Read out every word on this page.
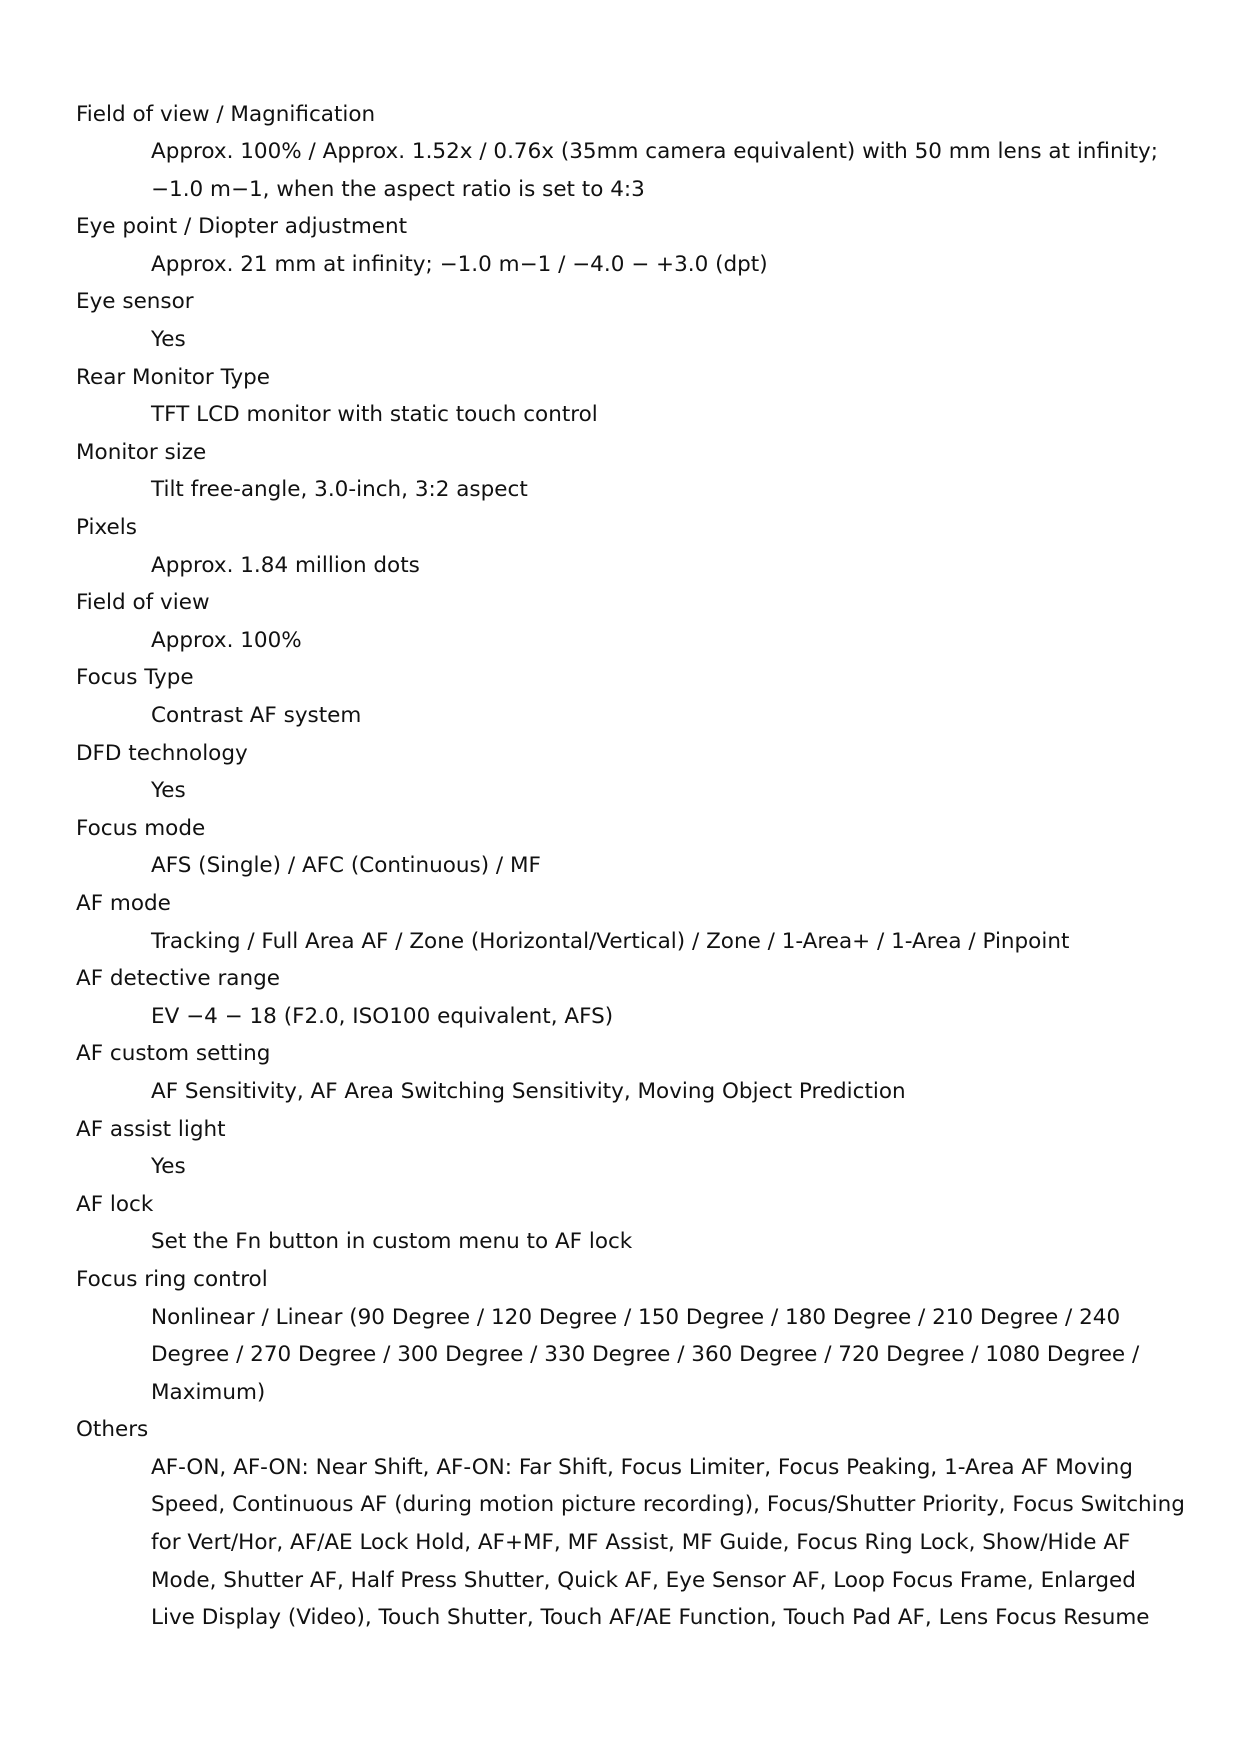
Field of view / Magnification
Approx. 100% / Approx. 1.52x / 0.76x (35mm camera equivalent) with 50 mm lens at infinity; −1.0 m−1, when the aspect ratio is set to 4:3
Eye point / Diopter adjustment
Approx. 21 mm at infinity; −1.0 m−1 / −4.0 − +3.0 (dpt)
Eye sensor
Yes
Rear Monitor Type
TFT LCD monitor with static touch control
Monitor size
Tilt free-angle, 3.0-inch, 3:2 aspect
Pixels
Approx. 1.84 million dots
Field of view
Approx. 100%
Focus Type
Contrast AF system
DFD technology
Yes
Focus mode
AFS (Single) / AFC (Continuous) / MF
AF mode
Tracking / Full Area AF / Zone (Horizontal/Vertical) / Zone / 1-Area+ / 1-Area / Pinpoint
AF detective range
EV −4 − 18 (F2.0, ISO100 equivalent, AFS)
AF custom setting
AF Sensitivity, AF Area Switching Sensitivity, Moving Object Prediction
AF assist light
Yes
AF lock
Set the Fn button in custom menu to AF lock
Focus ring control
Nonlinear / Linear (90 Degree / 120 Degree / 150 Degree / 180 Degree / 210 Degree / 240 Degree / 270 Degree / 300 Degree / 330 Degree / 360 Degree / 720 Degree / 1080 Degree / Maximum)
Others
AF-ON, AF-ON: Near Shift, AF-ON: Far Shift, Focus Limiter, Focus Peaking, 1-Area AF Moving Speed, Continuous AF (during motion picture recording), Focus/Shutter Priority, Focus Switching for Vert/Hor, AF/AE Lock Hold, AF+MF, MF Assist, MF Guide, Focus Ring Lock, Show/Hide AF Mode, Shutter AF, Half Press Shutter, Quick AF, Eye Sensor AF, Loop Focus Frame, Enlarged Live Display (Video), Touch Shutter, Touch AF/AE Function, Touch Pad AF, Lens Focus Resume
